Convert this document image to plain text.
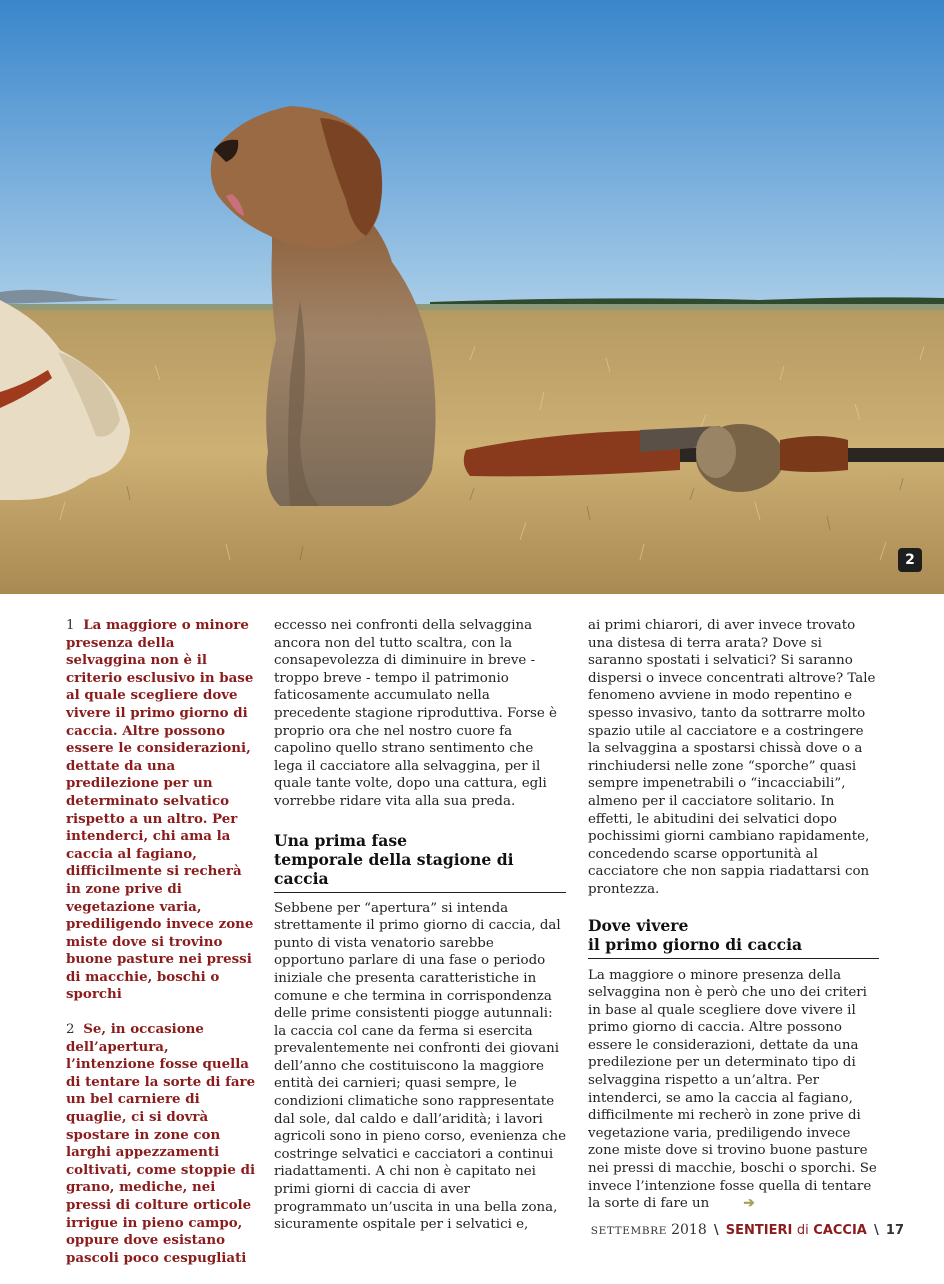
2

1 La maggiore o minore presenza della selvaggina non è il criterio esclusivo in base al quale scegliere dove vivere il primo giorno di caccia. Altre possono essere le considerazioni, dettate da una predilezione per un determinato selvatico rispetto a un altro. Per intenderci, chi ama la caccia al fagiano, difficilmente si recherà in zone prive di vegetazione varia, prediligendo invece zone miste dove si trovino buone pasture nei pressi di macchie, boschi o sporchi

2 Se, in occasione dell’apertura, l’intenzione fosse quella di tentare la sorte di fare un bel carniere di quaglie, ci si dovrà spostare in zone con larghi appezzamenti coltivati, come stoppie di grano, mediche, nei pressi di colture orticole irrigue in pieno campo, oppure dove esistano pascoli poco cespugliati

eccesso nei confronti della selvaggina ancora non del tutto scaltra, con la consapevolezza di diminuire in breve - troppo breve - tempo il patrimonio faticosamente accumulato nella precedente stagione riproduttiva. Forse è proprio ora che nel nostro cuore fa capolino quello strano sentimento che lega il cacciatore alla selvaggina, per il quale tante volte, dopo una cattura, egli vorrebbe ridare vita alla sua preda.

Una prima fase
temporale della stagione di caccia

Sebbene per “apertura” si intenda strettamente il primo giorno di caccia, dal punto di vista venatorio sarebbe opportuno parlare di una fase o periodo iniziale che presenta caratteristiche in comune e che termina in corrispondenza delle prime consistenti piogge autunnali: la caccia col cane da ferma si esercita prevalentemente nei confronti dei giovani dell’anno che costituiscono la maggiore entità dei carnieri; quasi sempre, le condizioni climatiche sono rappresentate dal sole, dal caldo e dall’aridità; i lavori agricoli sono in pieno corso, evenienza che costringe selvatici e cacciatori a continui riadattamenti. A chi non è capitato nei primi giorni di caccia di aver programmato un’uscita in una bella zona, sicuramente ospitale per i selvatici e,

ai primi chiarori, di aver invece trovato una distesa di terra arata? Dove si saranno spostati i selvatici? Si saranno dispersi o invece concentrati altrove? Tale fenomeno avviene in modo repentino e spesso invasivo, tanto da sottrarre molto spazio utile al cacciatore e a costringere la selvaggina a spostarsi chissà dove o a rinchiudersi nelle zone “sporche” quasi sempre impenetrabili o “incacciabili”, almeno per il cacciatore solitario. In effetti, le abitudini dei selvatici dopo pochissimi giorni cambiano rapidamente, concedendo scarse opportunità al cacciatore che non sappia riadattarsi con prontezza.

Dove vivere
il primo giorno di caccia

La maggiore o minore presenza della selvaggina non è però che uno dei criteri in base al quale scegliere dove vivere il primo giorno di caccia. Altre possono essere le considerazioni, dettate da una predilezione per un determinato tipo di selvaggina rispetto a un’altra. Per intenderci, se amo la caccia al fagiano, difficilmente mi recherò in zone prive di vegetazione varia, prediligendo invece zone miste dove si trovino buone pasture nei pressi di macchie, boschi o sporchi. Se invece l’intenzione fosse quella di tentare la sorte di fare un	➔

SETTEMBRE 2018 \ SENTIERI di CACCIA \ 17
